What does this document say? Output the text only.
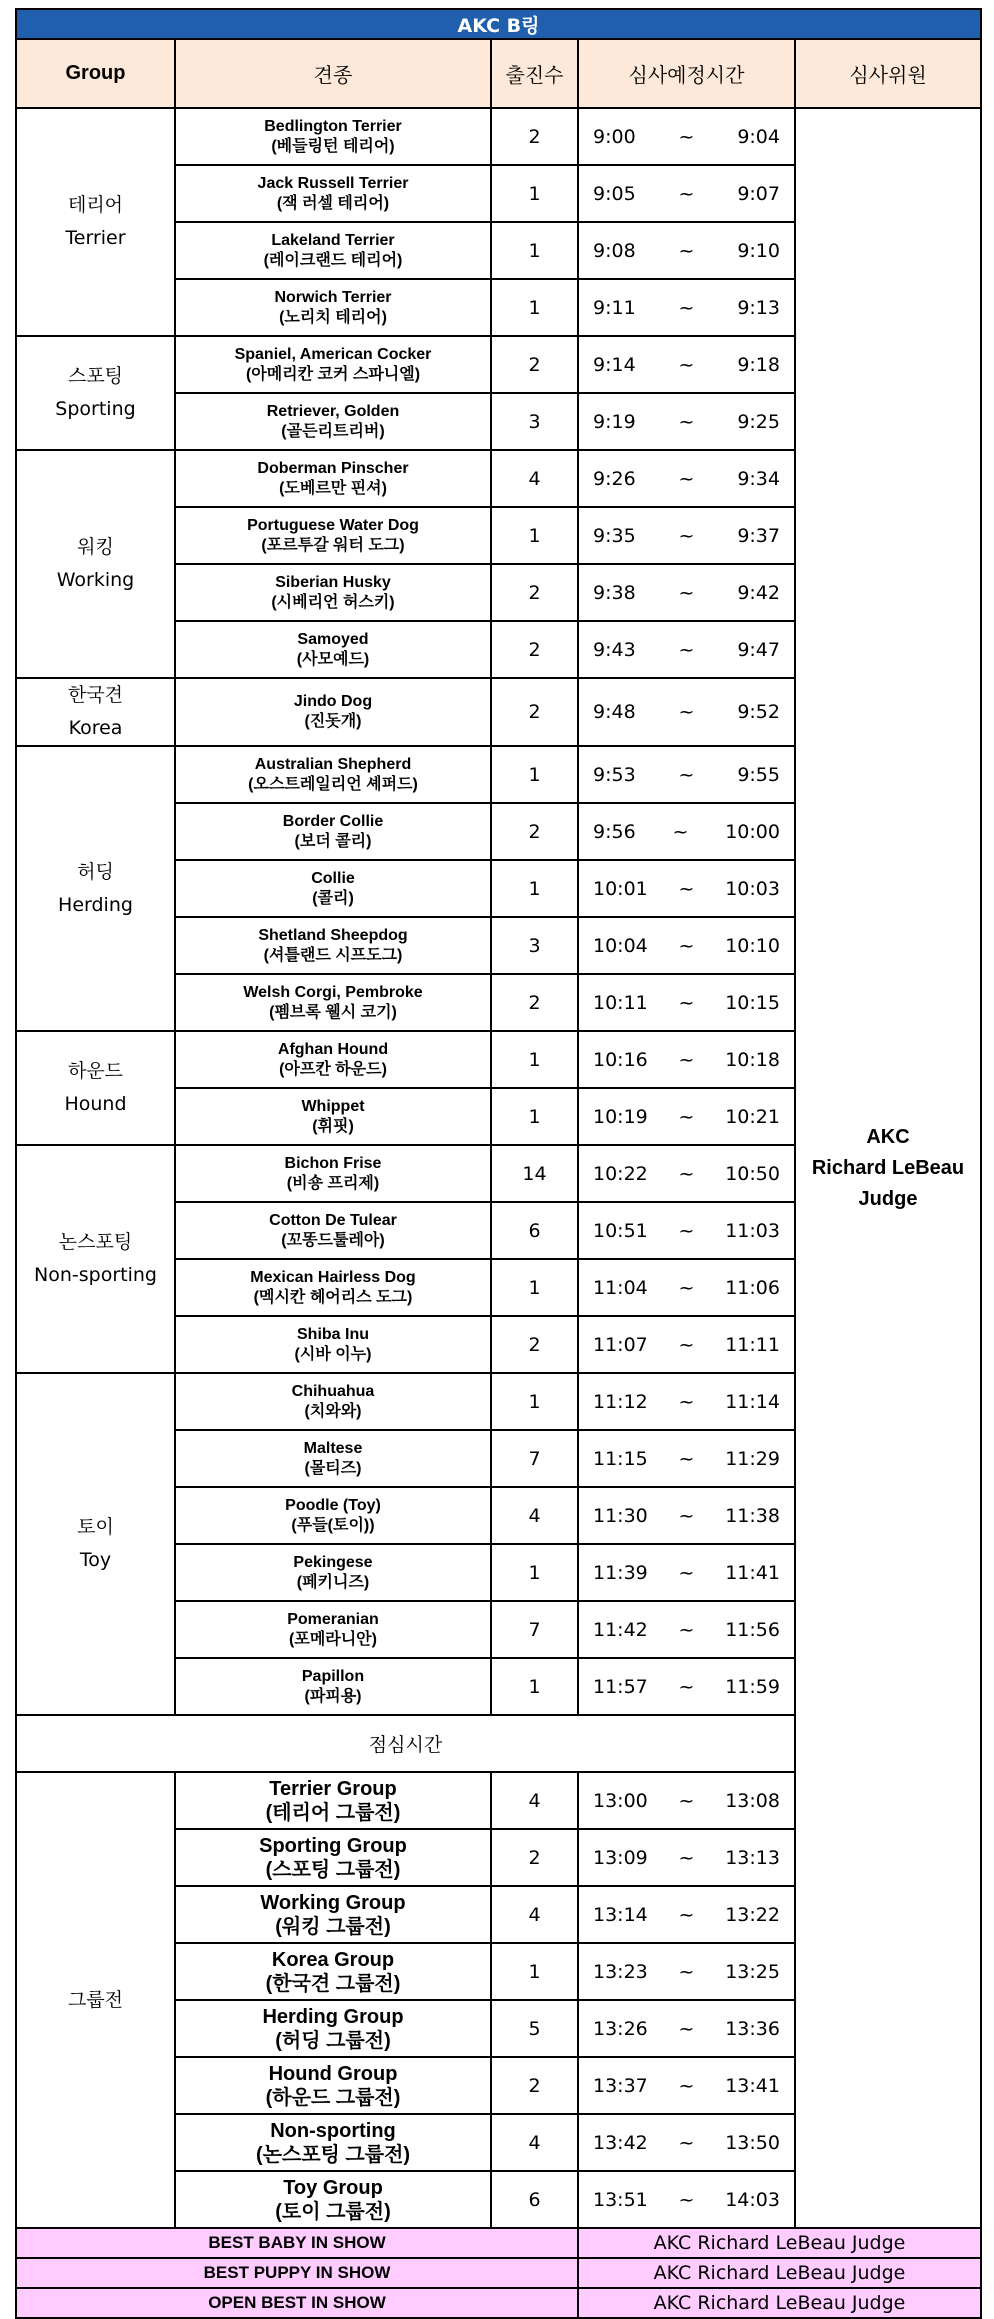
AKC B링				
Group	견종	출진수	심사예정시간	심사위원

테리어
Terrier	Bedlington Terrier
(베들링턴 테리어)	2	9:00 ~ 9:04	AKC
Richard LeBeau
Judge

	Jack Russell Terrier
(잭 러셀 테리어)	1	9:05 ~ 9:07	

	Lakeland Terrier
(레이크랜드 테리어)	1	9:08 ~ 9:10	

	Norwich Terrier
(노리치 테리어)	1	9:11 ~ 9:13	

스포팅
Sporting	Spaniel, American Cocker
(아메리칸 코커 스파니엘)	2	9:14 ~ 9:18	

	Retriever, Golden
(골든리트리버)	3	9:19 ~ 9:25	

워킹
Working	Doberman Pinscher
(도베르만 핀셔)	4	9:26 ~ 9:34	

	Portuguese Water Dog
(포르투갈 워터 도그)	1	9:35 ~ 9:37	

	Siberian Husky
(시베리언 허스키)	2	9:38 ~ 9:42	

	Samoyed
(사모예드)	2	9:43 ~ 9:47	

한국견
Korea	Jindo Dog
(진돗개)	2	9:48 ~ 9:52	

허딩
Herding	Australian Shepherd
(오스트레일리언 셰퍼드)	1	9:53 ~ 9:55	

	Border Collie
(보더 콜리)	2	9:56 ~ 10:00	

	Collie
(콜리)	1	10:01 ~ 10:03	

	Shetland Sheepdog
(셔틀랜드 시프도그)	3	10:04 ~ 10:10	

	Welsh Corgi, Pembroke
(펨브록 웰시 코기)	2	10:11 ~ 10:15	

하운드
Hound	Afghan Hound
(아프칸 하운드)	1	10:16 ~ 10:18	

	Whippet
(휘핏)	1	10:19 ~ 10:21	

논스포팅
Non-sporting	Bichon Frise
(비숑 프리제)	14	10:22 ~ 10:50	

	Cotton De Tulear
(꼬똥드툴레아)	6	10:51 ~ 11:03	

	Mexican Hairless Dog
(멕시칸 헤어리스 도그)	1	11:04 ~ 11:06	

	Shiba Inu
(시바 이누)	2	11:07 ~ 11:11	

토이
Toy	Chihuahua
(치와와)	1	11:12 ~ 11:14	

	Maltese
(몰티즈)	7	11:15 ~ 11:29	

	Poodle (Toy)
(푸들(토이))	4	11:30 ~ 11:38	

	Pekingese
(페키니즈)	1	11:39 ~ 11:41	

	Pomeranian
(포메라니안)	7	11:42 ~ 11:56	

	Papillon
(파피용)	1	11:57 ~ 11:59	

점심시간				
그룹전	Terrier Group
(테리어 그룹전)	4	13:00 ~ 13:08	

	Sporting Group
(스포팅 그룹전)	2	13:09 ~ 13:13	

	Working Group
(워킹 그룹전)	4	13:14 ~ 13:22	

	Korea Group
(한국견 그룹전)	1	13:23 ~ 13:25	

	Herding Group
(허딩 그룹전)	5	13:26 ~ 13:36	

	Hound Group
(하운드 그룹전)	2	13:37 ~ 13:41	

	Non-sporting
(논스포팅 그룹전)	4	13:42 ~ 13:50	

	Toy Group
(토이 그룹전)	6	13:51 ~ 14:03	

BEST BABY IN SHOW			AKC Richard LeBeau Judge	
BEST PUPPY IN SHOW			AKC Richard LeBeau Judge	
OPEN BEST IN SHOW			AKC Richard LeBeau Judge	
